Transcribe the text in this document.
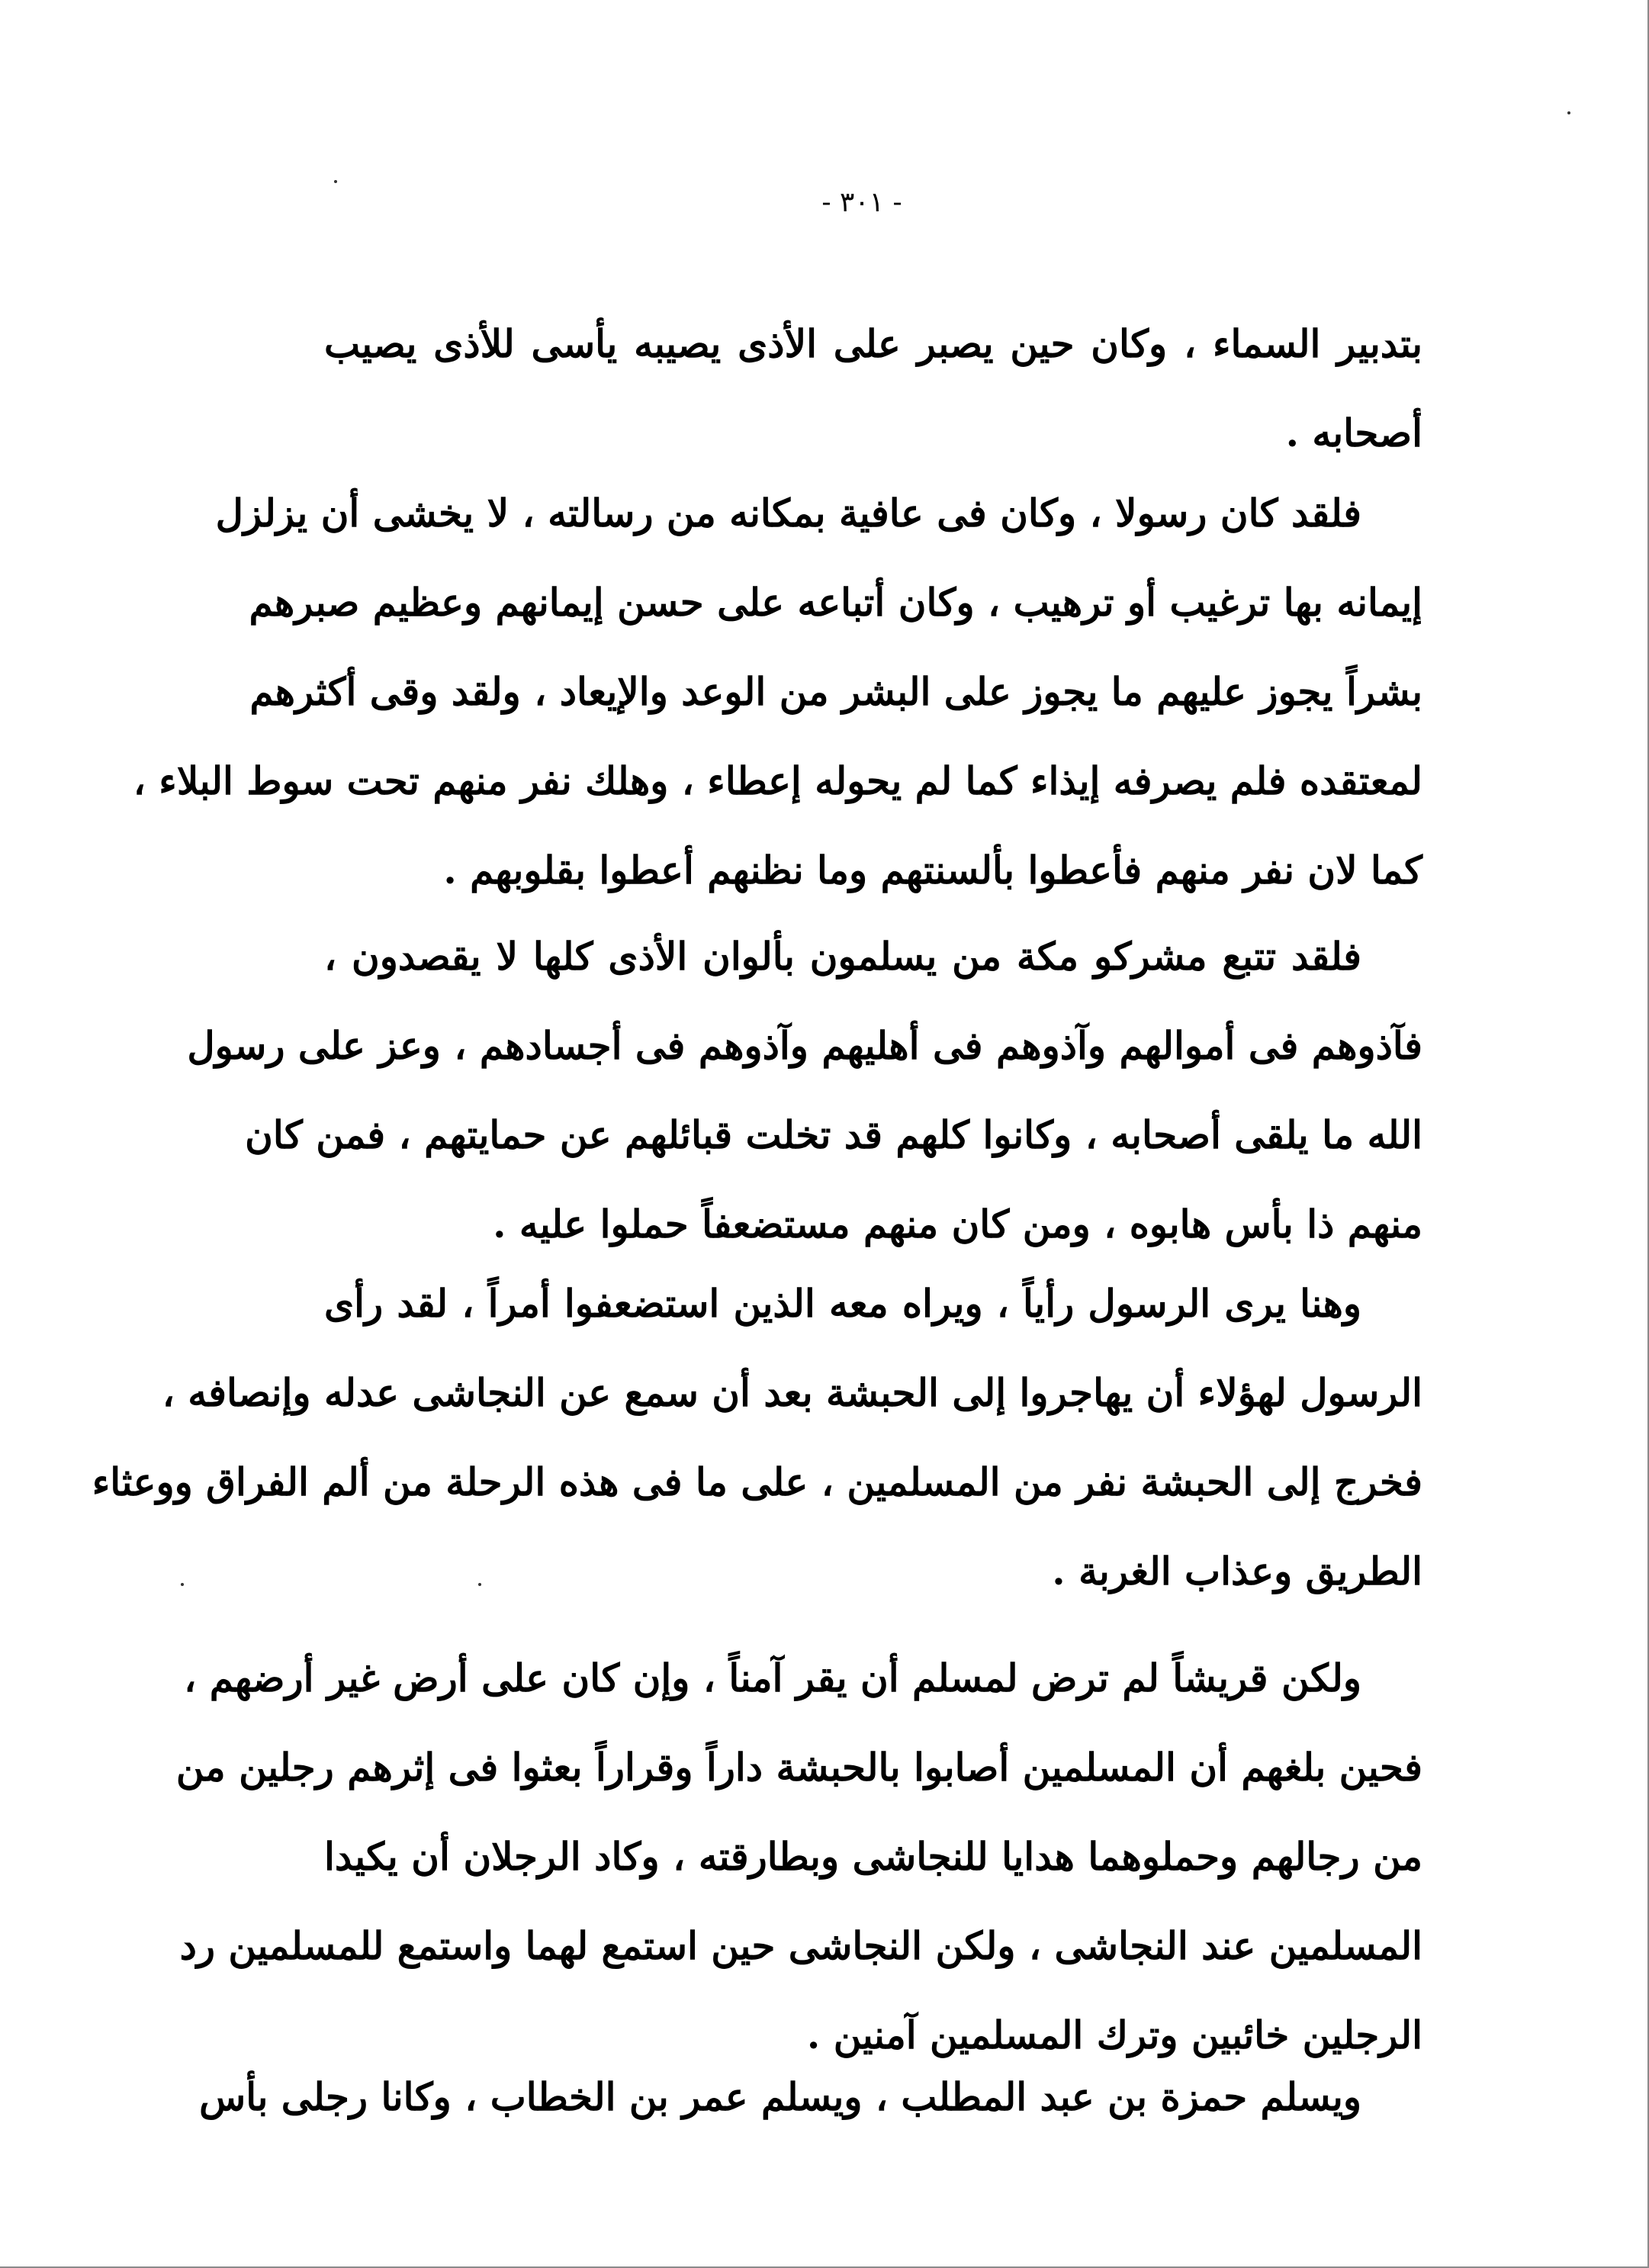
- ٣٠١ -
بتدبير السماء ، وكان حين يصبر على الأذى يصيبه يأسى للأذى يصيب
أصحابه .
فلقد كان رسولا ، وكان فى عافية بمكانه من رسالته ، لا يخشى أن يزلزل
إيمانه بها ترغيب أو ترهيب ، وكان أتباعه على حسن إيمانهم وعظيم صبرهم
بشراً يجوز عليهم ما يجوز على البشر من الوعد والإيعاد ، ولقد وقى أكثرهم
لمعتقده فلم يصرفه إيذاء كما لم يحوله إعطاء ، وهلك نفر منهم تحت سوط البلاء ،
كما لان نفر منهم فأعطوا بألسنتهم وما نظنهم أعطوا بقلوبهم .
فلقد تتبع مشركو مكة من يسلمون بألوان الأذى كلها لا يقصدون ،
فآذوهم فى أموالهم وآذوهم فى أهليهم وآذوهم فى أجسادهم ، وعز على رسول
الله ما يلقى أصحابه ، وكانوا كلهم قد تخلت قبائلهم عن حمايتهم ، فمن كان
منهم ذا بأس هابوه ، ومن كان منهم مستضعفاً حملوا عليه .
وهنا يرى الرسول رأياً ، ويراه معه الذين استضعفوا أمراً ، لقد رأى
الرسول لهؤلاء أن يهاجروا إلى الحبشة بعد أن سمع عن النجاشى عدله وإنصافه ،
فخرج إلى الحبشة نفر من المسلمين ، على ما فى هذه الرحلة من ألم الفراق ووعثاء
الطريق وعذاب الغربة .
ولكن قريشاً لم ترض لمسلم أن يقر آمناً ، وإن كان على أرض غير أرضهم ،
فحين بلغهم أن المسلمين أصابوا بالحبشة داراً وقراراً بعثوا فى إثرهم رجلين من
من رجالهم وحملوهما هدايا للنجاشى وبطارقته ، وكاد الرجلان أن يكيدا
المسلمين عند النجاشى ، ولكن النجاشى حين استمع لهما واستمع للمسلمين رد
الرجلين خائبين وترك المسلمين آمنين .
ويسلم حمزة بن عبد المطلب ، ويسلم عمر بن الخطاب ، وكانا رجلى بأس
